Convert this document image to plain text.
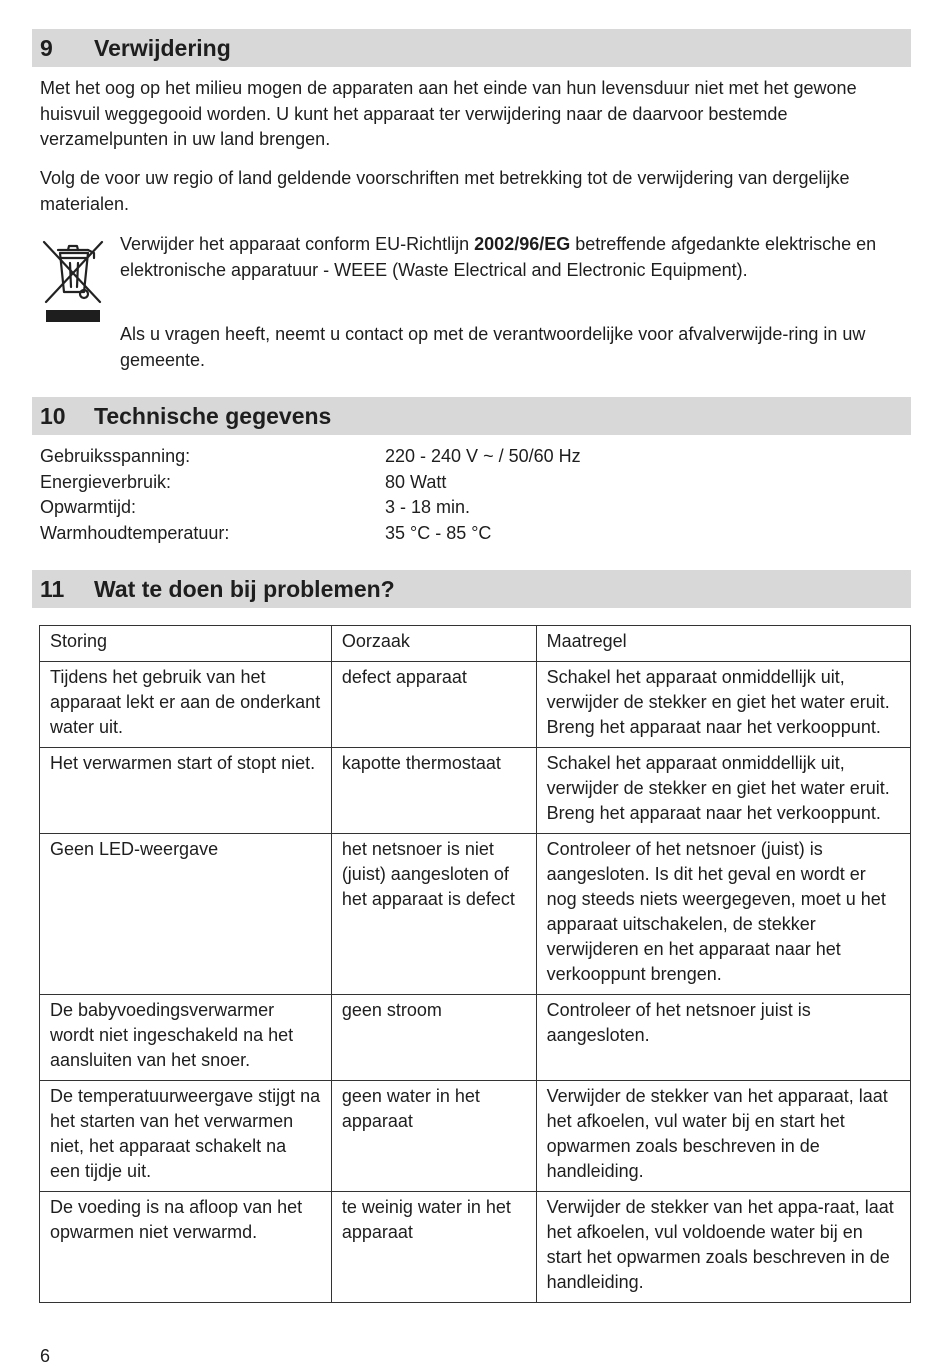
9	Verwijdering

Met het oog op het milieu mogen de apparaten aan het einde van hun levensduur niet met het gewone huisvuil weggegooid worden. U kunt het apparaat ter verwijdering naar de daarvoor bestemde verzamelpunten in uw land brengen.

Volg de voor uw regio of land geldende voorschriften met betrekking tot de verwijdering van dergelijke materialen.

Verwijder het apparaat conform EU-Richtlijn 2002/96/EG betreffende afgedankte elektrische en elektronische apparatuur - WEEE (Waste Electrical and Electronic Equipment).

Als u vragen heeft, neemt u contact op met de verantwoordelijke voor afvalverwijde-ring in uw gemeente.

10	Technische gegevens
Gebruiksspanning:	220 - 240 V ~ / 50/60 Hz
Energieverbruik:	80 Watt
Opwarmtijd:	3 - 18 min.
Warmhoudtemperatuur:	35 °C - 85 °C
11	Wat te doen bij problemen?
Storing	Oorzaak	Maatregel
Tijdens het gebruik van het apparaat lekt er aan de onderkant water uit.	defect apparaat	Schakel het apparaat onmiddellijk uit, verwijder de stekker en giet het water eruit. Breng het apparaat naar het verkooppunt.
Het verwarmen start of stopt niet.	kapotte thermostaat	Schakel het apparaat onmiddellijk uit, verwijder de stekker en giet het water eruit. Breng het apparaat naar het verkooppunt.
Geen LED-weergave	het netsnoer is niet (juist) aangesloten of het apparaat is defect	Controleer of het netsnoer (juist) is aangesloten. Is dit het geval en wordt er nog steeds niets weergegeven, moet u het apparaat uitschakelen, de stekker verwijderen en het apparaat naar het verkooppunt brengen.
De babyvoedingsverwarmer wordt niet ingeschakeld na het aansluiten van het snoer.	geen stroom	Controleer of het netsnoer juist is aangesloten.
De temperatuurweergave stijgt na het starten van het verwarmen niet, het apparaat schakelt na een tijdje uit.	geen water in het apparaat	Verwijder de stekker van het apparaat, laat het afkoelen, vul water bij en start het opwarmen zoals beschreven in de handleiding.
De voeding is na afloop van het opwarmen niet verwarmd.	te weinig water in het apparaat	Verwijder de stekker van het appa-raat, laat het afkoelen, vul voldoende water bij en start het opwarmen zoals beschreven in de handleiding.
6
